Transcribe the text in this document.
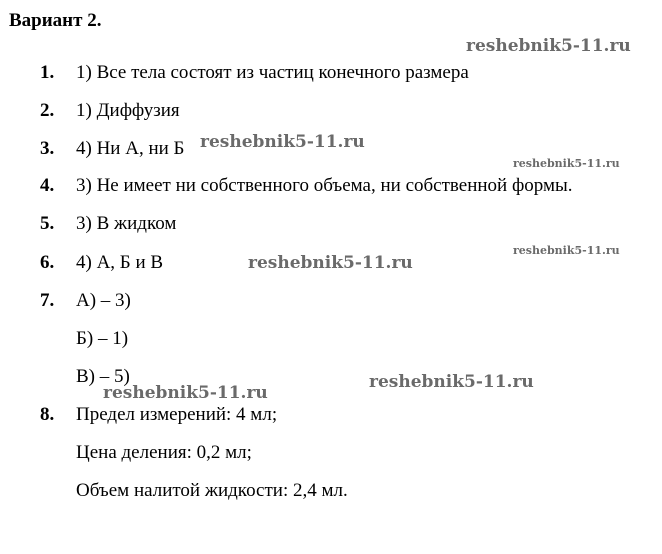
Вариант 2.
reshebnik5-11.ru
1.	1) Все тела состоят из частиц конечного размера
2.	1) Диффузия
3.	4) Ни А, ни Б reshebnik5-11.ru
reshebnik5-11.ru
4.	3) Не имеет ни собственного объема, ни собственной формы.
5.	3) В жидком
reshebnik5-11.ru
6.	4) А, Б и В	reshebnik5-11.ru
7.	А) – 3)
Б) – 1)
В) – 5)	reshebnik5-11.ru
reshebnik5-11.ru
8.	Предел измерений: 4 мл;
Цена деления: 0,2 мл;
Объем налитой жидкости: 2,4 мл.
